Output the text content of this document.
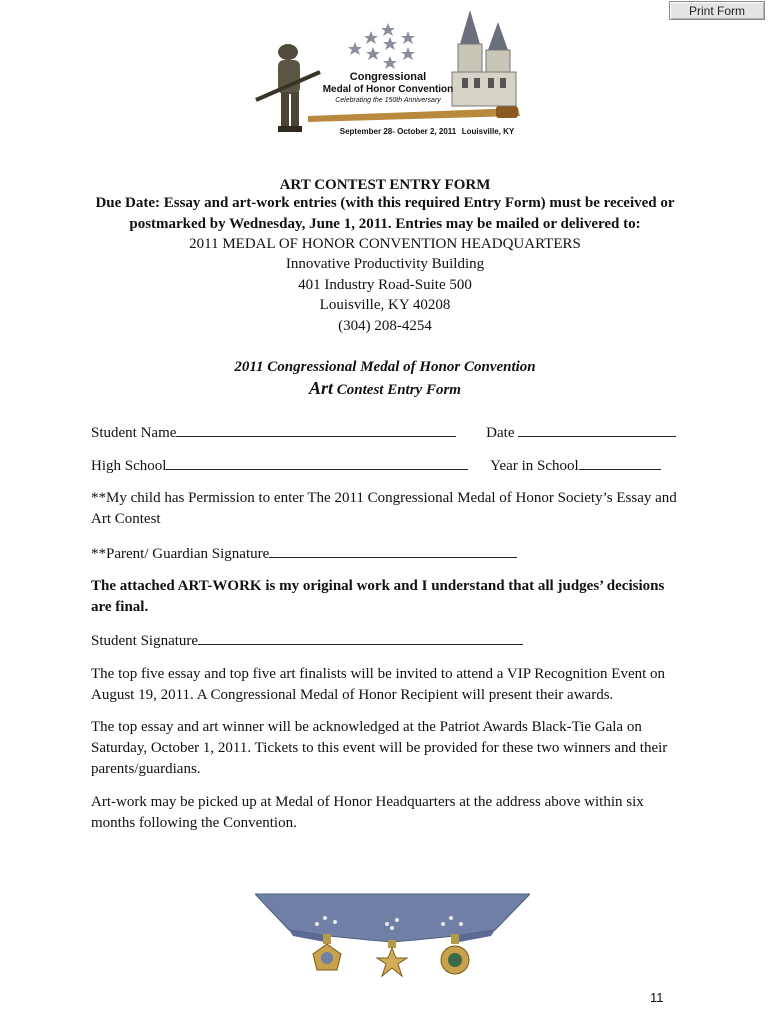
Print Form
Congressional
Medal of Honor Convention
Celebrating the 150th Anniversary
September 28- October 2, 2011 Louisville, KY
ART CONTEST ENTRY FORM
Due Date: Essay and art-work entries (with this required Entry Form) must be received or
postmarked by Wednesday, June 1, 2011. Entries may be mailed or delivered to:
2011 MEDAL OF HONOR CONVENTION HEADQUARTERS
Innovative Productivity Building
401 Industry Road-Suite 500
Louisville, KY 40208
(304) 208-4254
2011 Congressional Medal of Honor Convention
Art Contest Entry Form
Student Name	Date
High School	Year in School
**My child has Permission to enter The 2011 Congressional Medal of Honor Society’s Essay and Art Contest
**Parent/ Guardian Signature
The attached ART-WORK is my original work and I understand that all judges’ decisions are final.
Student Signature
The top five essay and top five art finalists will be invited to attend a VIP Recognition Event on August 19, 2011. A Congressional Medal of Honor Recipient will present their awards.
The top essay and art winner will be acknowledged at the Patriot Awards Black-Tie Gala on Saturday, October 1, 2011. Tickets to this event will be provided for these two winners and their parents/guardians.
Art-work may be picked up at Medal of Honor Headquarters at the address above within six months following the Convention.
11
